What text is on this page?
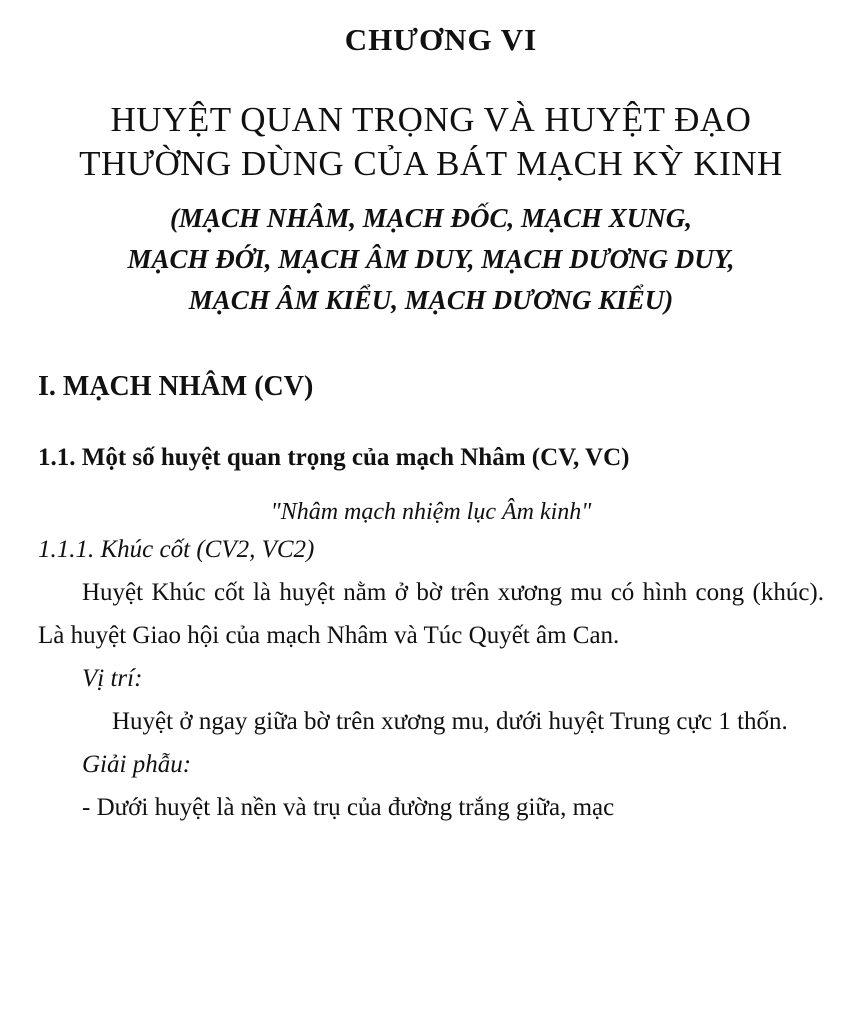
CHƯƠNG VI
HUYỆT QUAN TRỌNG VÀ HUYỆT ĐẠO
THƯỜNG DÙNG CỦA BÁT MẠCH KỲ KINH
(MẠCH NHÂM, MẠCH ĐỐC, MẠCH XUNG,
MẠCH ĐỚI, MẠCH ÂM DUY, MẠCH DƯƠNG DUY,
MẠCH ÂM KIỂU, MẠCH DƯƠNG KIỂU)
I. MẠCH NHÂM (CV)
1.1. Một số huyệt quan trọng của mạch Nhâm (CV, VC)
"Nhâm mạch nhiệm lục Âm kinh"
1.1.1. Khúc cốt (CV2, VC2)

Huyệt Khúc cốt là huyệt nằm ở bờ trên xương mu có hình cong (khúc). Là huyệt Giao hội của mạch Nhâm và Túc Quyết âm Can.

Vị trí:

Huyệt ở ngay giữa bờ trên xương mu, dưới huyệt Trung cực 1 thốn.

Giải phẫu:

- Dưới huyệt là nền và trụ của đường trắng giữa, mạc
